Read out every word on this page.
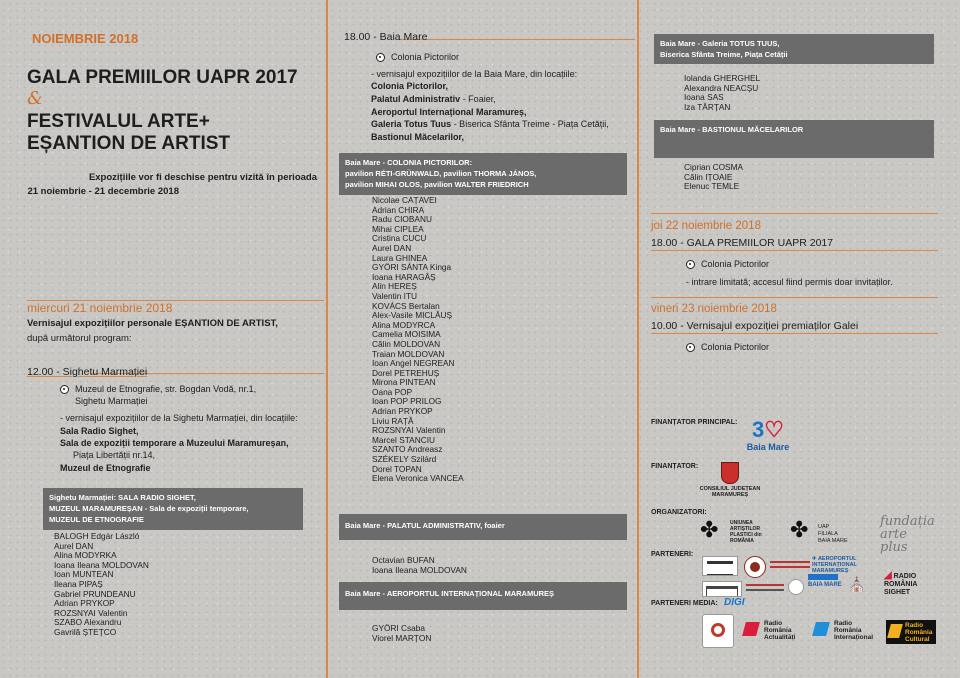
NOIEMBRIE 2018
GALA PREMIILOR UAPR 2017
&
FESTIVALUL ARTE+
EȘANTION DE ARTIST
Expozițiile vor fi deschise pentru vizită în perioada
21 noiembrie - 21 decembrie 2018
miercuri 21 noiembrie 2018
Vernisajul expozițiilor personale EȘANTION DE ARTIST,
după următorul program:
12.00 - Sighetu Marmației
Muzeul de Etnografie, str. Bogdan Vodă, nr.1,
Sighetu Marmației
- vernisajul expozițiilor de la Sighetu Marmației, din locațiile:
Sala Radio Sighet,
Sala de expoziții temporare a Muzeului Maramureșan,
Piața Libertății nr.14,
Muzeul de Etnografie
Sighetu Marmației: SALA RADIO SIGHET,
MUZEUL MARAMUREȘAN - Sala de expoziții temporare,
MUZEUL DE ETNOGRAFIE
BALOGH Edgár László
Aurel DAN
Alina MODYRKA
Ioana Ileana MOLDOVAN
Ioan MUNTEAN
Ileana PIPAȘ
Gabriel PRUNDEANU
Adrian PRYKOP
ROZSNYAI Valentin
SZABO Alexandru
Gavrilă ȘTEȚCO
18.00 - Baia Mare
Colonia Pictorilor
- vernisajul expozițiilor de la Baia Mare, din locațiile:
Colonia Pictorilor,
Palatul Administrativ - Foaier,
Aeroportul Internațional Maramureș,
Galeria Totus Tuus - Biserica Sfânta Treime - Piața Cetății,
Bastionul Măcelarilor,
Baia Mare - COLONIA PICTORILOR:
pavilion RÉTI-GRÜNWALD, pavilion THORMA JÁNOS,
pavilion MIHAI OLOS, pavilion WALTER FRIEDRICH
Nicolae CAȚAVEI
Adrian CHIRA
Radu CIOBANU
Mihai CIPLEA
Cristina CUCU
Aurel DAN
Laura GHINEA
GYÖRI SÁNTA Kinga
Ioana HARAGÂȘ
Alin HEREȘ
Valentin ITU
KOVÁCS Bertalan
Alex-Vasile MICLĂUȘ
Alina MODYRCA
Camelia MOISIMA
Călin MOLDOVAN
Traian MOLDOVAN
Ioan Angel NEGREAN
Dorel PETREHUȘ
Mirona PINTEAN
Oana POP
Ioan POP PRILOG
Adrian PRYKOP
Liviu RAȚĂ
ROZSNYAI Valentin
Marcel STANCIU
SZANTO Andreasz
SZÉKELY Szilárd
Dorel TOPAN
Elena Veronica VANCEA
Baia Mare - PALATUL ADMINISTRATIV, foaier
Octavian BUFAN
Ioana Ileana MOLDOVAN
Baia Mare - AEROPORTUL INTERNAȚIONAL MARAMUREȘ
GYÖRI Csaba
Viorel MARȚON
Baia Mare - Galeria TOTUS TUUS,
Biserica Sfânta Treime, Piața Cetății
Iolanda GHERGHEL
Alexandra NEACȘU
Ioana SAS
Iza TĂRȚAN
Baia Mare - BASTIONUL MĂCELARILOR
Ciprian COSMA
Călin IȚOAIE
Elenuc TEMLE
joi 22 noiembrie 2018
18.00 - GALA PREMIILOR UAPR 2017
Colonia Pictorilor
- intrare limitată; accesul fiind permis doar invitaților.
vineri 23 noiembrie 2018
10.00 - Vernisajul expoziției premiaților Galei
Colonia Pictorilor
FINANȚATOR PRINCIPAL: 3♡
Baia Mare
FINANȚATOR:
CONSILIUL JUDEȚEAN MARAMUREȘ
ORGANIZATORI:
✤ UNIUNEA ARTIȘTILOR PLASTICI din ROMÂNIA	✤ UAP FILIALA BAIA MARE
fundația arte plus
PARTENERI:
✈ AEROPORTUL INTERNAȚIONAL MARAMUREȘ
BAIA MARE ⛪
◢ RADIO ROMÂNIA SIGHET
PARTENERI MEDIA: DIGI
Radio România Actualități
Radio România Internațional
Radio România Cultural
